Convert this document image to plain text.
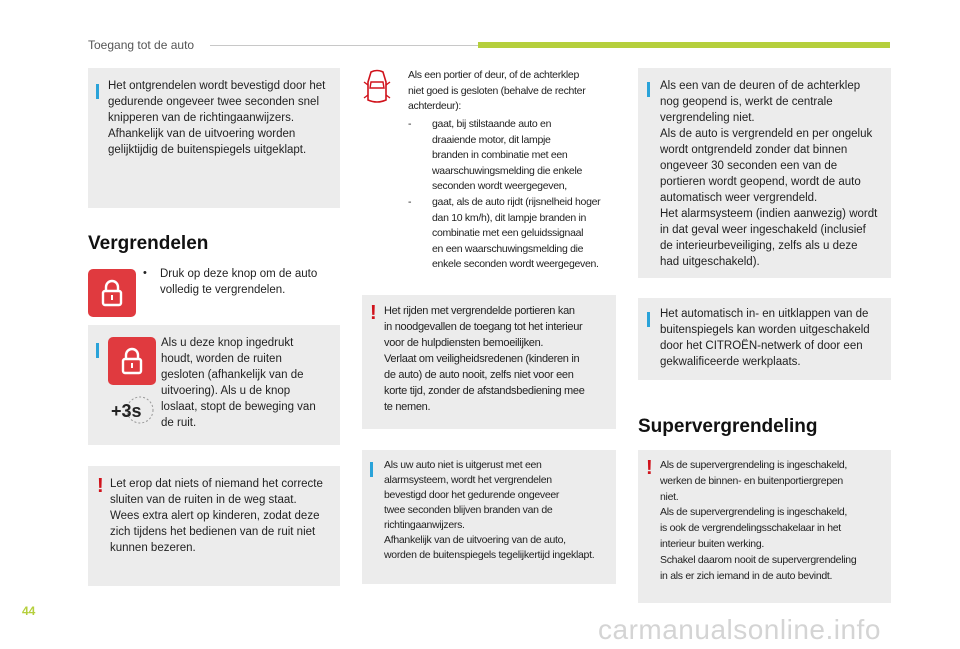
Toegang tot de auto
Het ontgrendelen wordt bevestigd door het
gedurende ongeveer twee seconden snel
knipperen van de richtingaanwijzers.
Afhankelijk van de uitvoering worden
gelijktijdig de buitenspiegels uitgeklapt.
Vergrendelen
• Druk op deze knop om de auto
volledig te vergrendelen.
+3s
Als u deze knop ingedrukt
houdt, worden de ruiten
gesloten (afhankelijk van de
uitvoering). Als u de knop
loslaat, stopt de beweging van
de ruit.
! Let erop dat niets of niemand het correcte
sluiten van de ruiten in de weg staat.
Wees extra alert op kinderen, zodat deze
zich tijdens het bedienen van de ruit niet
kunnen bezeren.
Als een portier of deur, of de achterklep
niet goed is gesloten (behalve de rechter
achterdeur):
- gaat, bij stilstaande auto en
draaiende motor, dit lampje
branden in combinatie met een
waarschuwingsmelding die enkele
seconden wordt weergegeven,
- gaat, als de auto rijdt (rijsnelheid hoger
dan 10 km/h), dit lampje branden in
combinatie met een geluidssignaal
en een waarschuwingsmelding die
enkele seconden wordt weergegeven.
! Het rijden met vergrendelde portieren kan
in noodgevallen de toegang tot het interieur
voor de hulpdiensten bemoeilijken.
Verlaat om veiligheidsredenen (kinderen in
de auto) de auto nooit, zelfs niet voor een
korte tijd, zonder de afstandsbediening mee
te nemen.
Als uw auto niet is uitgerust met een
alarmsysteem, wordt het vergrendelen
bevestigd door het gedurende ongeveer
twee seconden blijven branden van de
richtingaanwijzers.
Afhankelijk van de uitvoering van de auto,
worden de buitenspiegels tegelijkertijd ingeklapt.
Als een van de deuren of de achterklep
nog geopend is, werkt de centrale
vergrendeling niet.
Als de auto is vergrendeld en per ongeluk
wordt ontgrendeld zonder dat binnen
ongeveer 30 seconden een van de
portieren wordt geopend, wordt de auto
automatisch weer vergrendeld.
Het alarmsysteem (indien aanwezig) wordt
in dat geval weer ingeschakeld (inclusief
de interieurbeveiliging, zelfs als u deze
had uitgeschakeld).
Het automatisch in- en uitklappen van de
buitenspiegels kan worden uitgeschakeld
door het CITROËN-netwerk of door een
gekwalificeerde werkplaats.
Supervergrendeling
! Als de supervergrendeling is ingeschakeld,
werken de binnen- en buitenportiergrepen
niet.
Als de supervergrendeling is ingeschakeld,
is ook de vergrendelingsschakelaar in het
interieur buiten werking.
Schakel daarom nooit de supervergrendeling
in als er zich iemand in de auto bevindt.
44
carmanualsonline.info
